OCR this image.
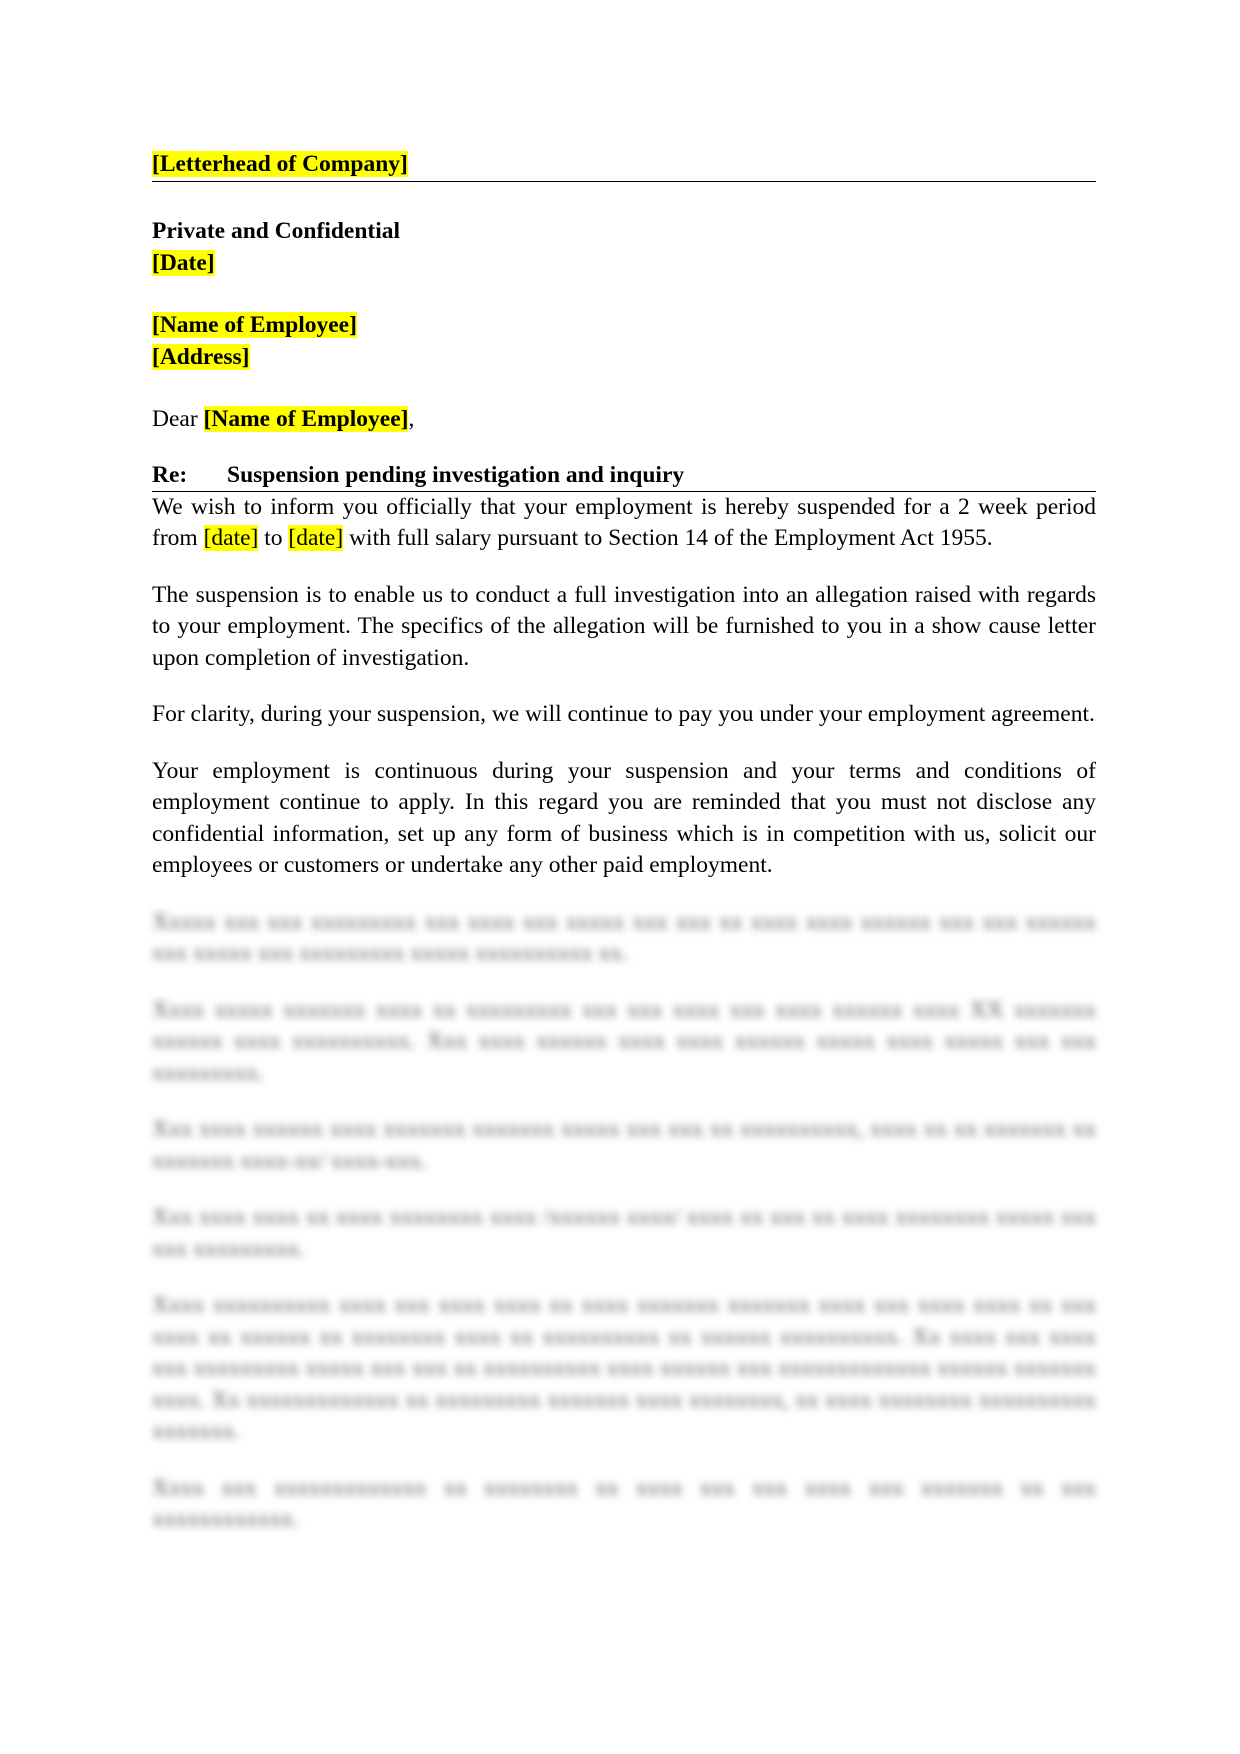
[Letterhead of Company]
Private and Confidential
[Date]
[Name of Employee]
[Address]
Dear [Name of Employee],
Re:	Suspension pending investigation and inquiry

We wish to inform you officially that your employment is hereby suspended for a 2 week period from [date] to [date] with full salary pursuant to Section 14 of the Employment Act 1955.

The suspension is to enable us to conduct a full investigation into an allegation raised with regards to your employment. The specifics of the allegation will be furnished to you in a show cause letter upon completion of investigation.

For clarity, during your suspension, we will continue to pay you under your employment agreement.

Your employment is continuous during your suspension and your terms and conditions of employment continue to apply. In this regard you are reminded that you must not disclose any confidential information, set up any form of business which is in competition with us, solicit our employees or customers or undertake any other paid employment.

Xxxxx xxx xxx xxxxxxxxx xxx xxxx xxx xxxxx xxx xxx xx xxxx xxxx xxxxxx xxx xxx xxxxxx xxx xxxxx xxx xxxxxxxxx xxxxx xxxxxxxxxx xx.

Xxxx xxxxx xxxxxxx xxxx xx xxxxxxxxx xxx xxx xxxx xxx xxxx xxxxxx xxxx XX xxxxxxx xxxxxx xxxx xxxxxxxxxx. Xxx xxxx xxxxxx xxxx xxxx xxxxxx xxxxx xxxx xxxxx xxx xxx xxxxxxxxx.

Xxx xxxx xxxxxx xxxx xxxxxxx xxxxxxx xxxxx xxx xxx xx xxxxxxxxxx, xxxx xx xx xxxxxxx xx xxxxxxx xxxx-xx/ xxxx-xxx.

Xxx xxxx xxxx xx xxxx xxxxxxxx xxxx /xxxxxx xxxx/ xxxx xx xxx xx xxxx xxxxxxxx xxxxx xxx xxx xxxxxxxxx.

Xxxx xxxxxxxxxx xxxx xxx xxxx xxxx xx xxxx xxxxxxx xxxxxxx xxxx xxx xxxx xxxx xx xxx xxxx xx xxxxxx xx xxxxxxxx xxxx xx xxxxxxxxxx xx xxxxxx xxxxxxxxxx. Xx xxxx xxx xxxx xxx xxxxxxxxx xxxxx xxx xxx xx xxxxxxxxxx xxxx xxxxxx xxx xxxxxxxxxxxxx xxxxxx xxxxxxx xxxx. Xx xxxxxxxxxxxxx xx xxxxxxxxx xxxxxxx xxxx xxxxxxxx, xx xxxx xxxxxxxx xxxxxxxxxx xxxxxxx.

Xxxx xxx xxxxxxxxxxxxx xx xxxxxxxx xx xxxx xxx xxx xxxx xxx xxxxxxx xx xxx xxxxxxxxxxxx.
